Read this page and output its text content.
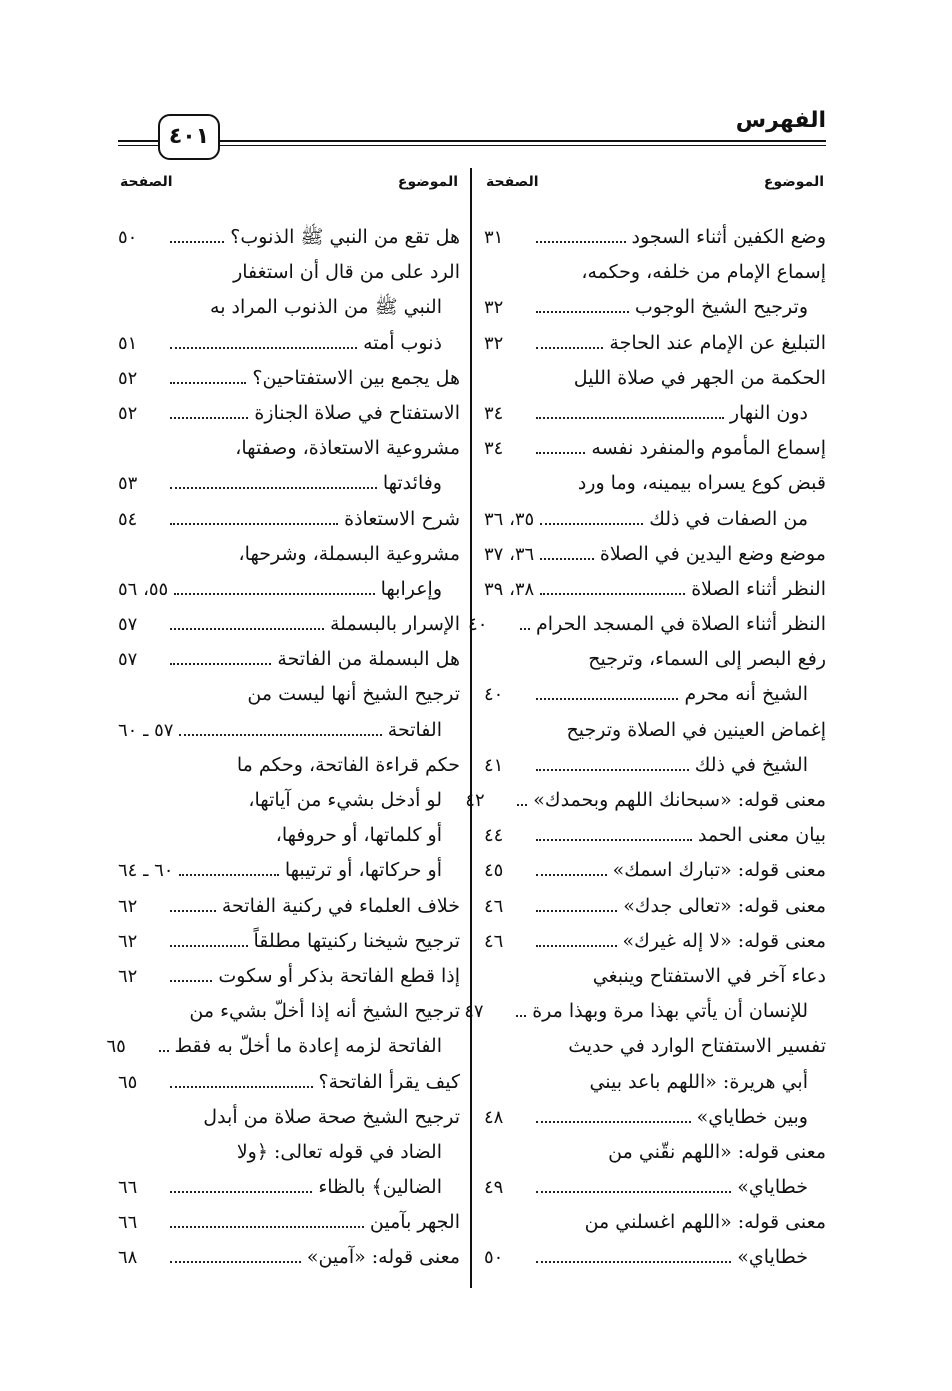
الفهرس
٤٠١
الموضوع
الصفحة
وضع الكفين أثناء السجود
٣١
إسماع الإمام من خلفه، وحكمه،
وترجيح الشيخ الوجوب
٣٢
التبليغ عن الإمام عند الحاجة
٣٢
الحكمة من الجهر في صلاة الليل
دون النهار
٣٤
إسماع المأموم والمنفرد نفسه
٣٤
قبض كوع يسراه بيمينه، وما ورد
من الصفات في ذلك
٣٥، ٣٦
موضع وضع اليدين في الصلاة
٣٦، ٣٧
النظر أثناء الصلاة
٣٨، ٣٩
النظر أثناء الصلاة في المسجد الحرام
٤٠
رفع البصر إلى السماء، وترجيح
الشيخ أنه محرم
٤٠
إغماض العينين في الصلاة وترجيح
الشيخ في ذلك
٤١
معنى قوله: «سبحانك اللهم وبحمدك»
٤٢
بيان معنى الحمد
٤٤
معنى قوله: «تبارك اسمك»
٤٥
معنى قوله: «تعالى جدك»
٤٦
معنى قوله: «لا إله غيرك»
٤٦
دعاء آخر في الاستفتاح وينبغي
للإنسان أن يأتي بهذا مرة وبهذا مرة
٤٧
تفسير الاستفتاح الوارد في حديث
أبي هريرة: «اللهم باعد بيني
وبين خطاياي»
٤٨
معنى قوله: «اللهم نقّني من
خطاياي»
٤٩
معنى قوله: «اللهم اغسلني من
خطاياي»
٥٠
الموضوع
الصفحة
هل تقع من النبي ﷺ الذنوب؟
٥٠
الرد على من قال أن استغفار
النبي ﷺ من الذنوب المراد به
ذنوب أمته
٥١
هل يجمع بين الاستفتاحين؟
٥٢
الاستفتاح في صلاة الجنازة
٥٢
مشروعية الاستعاذة، وصفتها،
وفائدتها
٥٣
شرح الاستعاذة
٥٤
مشروعية البسملة، وشرحها،
وإعرابها
٥٥، ٥٦
الإسرار بالبسملة
٥٧
هل البسملة من الفاتحة
٥٧
ترجيح الشيخ أنها ليست من
الفاتحة
٥٧ ـ ٦٠
حكم قراءة الفاتحة، وحكم ما
لو أدخل بشيء من آياتها،
أو كلماتها، أو حروفها،
أو حركاتها، أو ترتيبها
٦٠ ـ ٦٤
خلاف العلماء في ركنية الفاتحة
٦٢
ترجيح شيخنا ركنيتها مطلقاً
٦٢
إذا قطع الفاتحة بذكر أو سكوت
٦٢
ترجيح الشيخ أنه إذا أخلّ بشيء من
الفاتحة لزمه إعادة ما أخلّ به فقط
٦٥
كيف يقرأ الفاتحة؟
٦٥
ترجيح الشيخ صحة صلاة من أبدل
الضاد في قوله تعالى: ﴿ولا
الضالين﴾ بالظاء
٦٦
الجهر بآمين
٦٦
معنى قوله: «آمين»
٦٨
